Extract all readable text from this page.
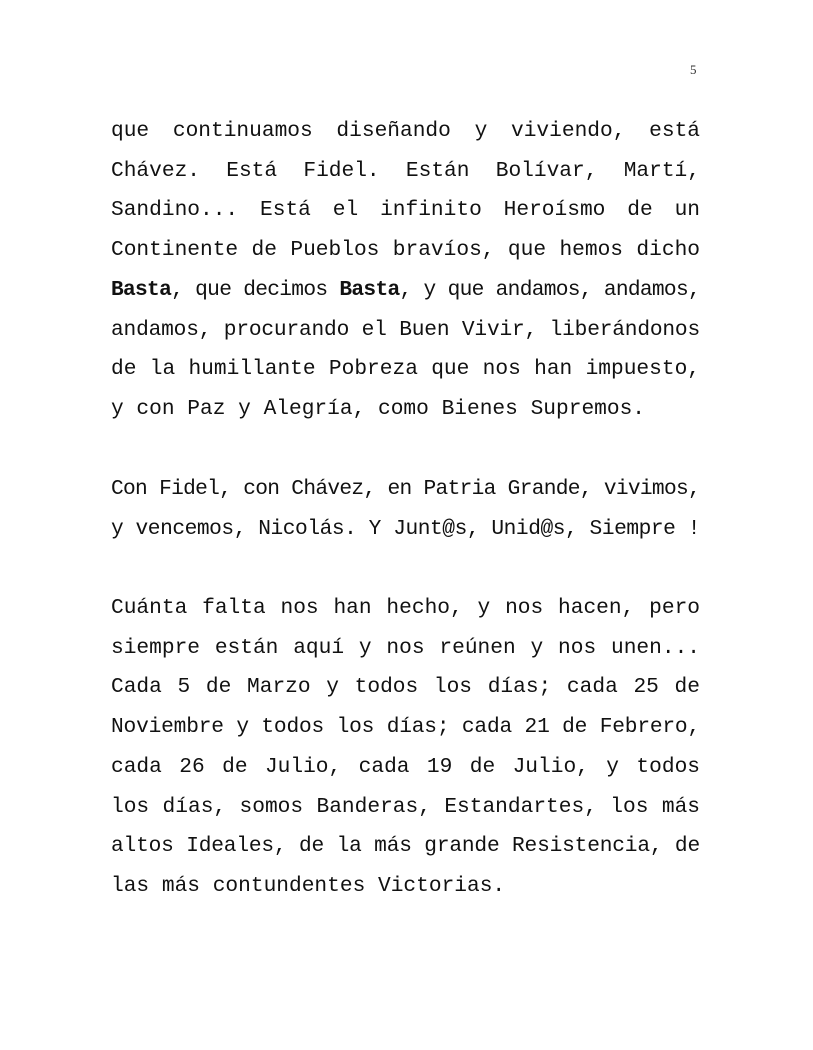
5
que continuamos diseñando y viviendo, está
Chávez. Está Fidel. Están Bolívar, Martí,
Sandino... Está el infinito Heroísmo de un
Continente de Pueblos bravíos, que hemos dicho
Basta, que decimos Basta, y que andamos, andamos,
andamos, procurando el Buen Vivir, liberándonos
de la humillante Pobreza que nos han impuesto,
y con Paz y Alegría, como Bienes Supremos.
Con Fidel, con Chávez, en Patria Grande, vivimos,
y vencemos, Nicolás. Y Junt@s, Unid@s, Siempre !
Cuánta falta nos han hecho, y nos hacen, pero
siempre están aquí y nos reúnen y nos unen...
Cada 5 de Marzo y todos los días; cada 25 de
Noviembre y todos los días; cada 21 de Febrero,
cada 26 de Julio, cada 19 de Julio, y todos
los días, somos Banderas, Estandartes, los más
altos Ideales, de la más grande Resistencia, de
las más contundentes Victorias.
